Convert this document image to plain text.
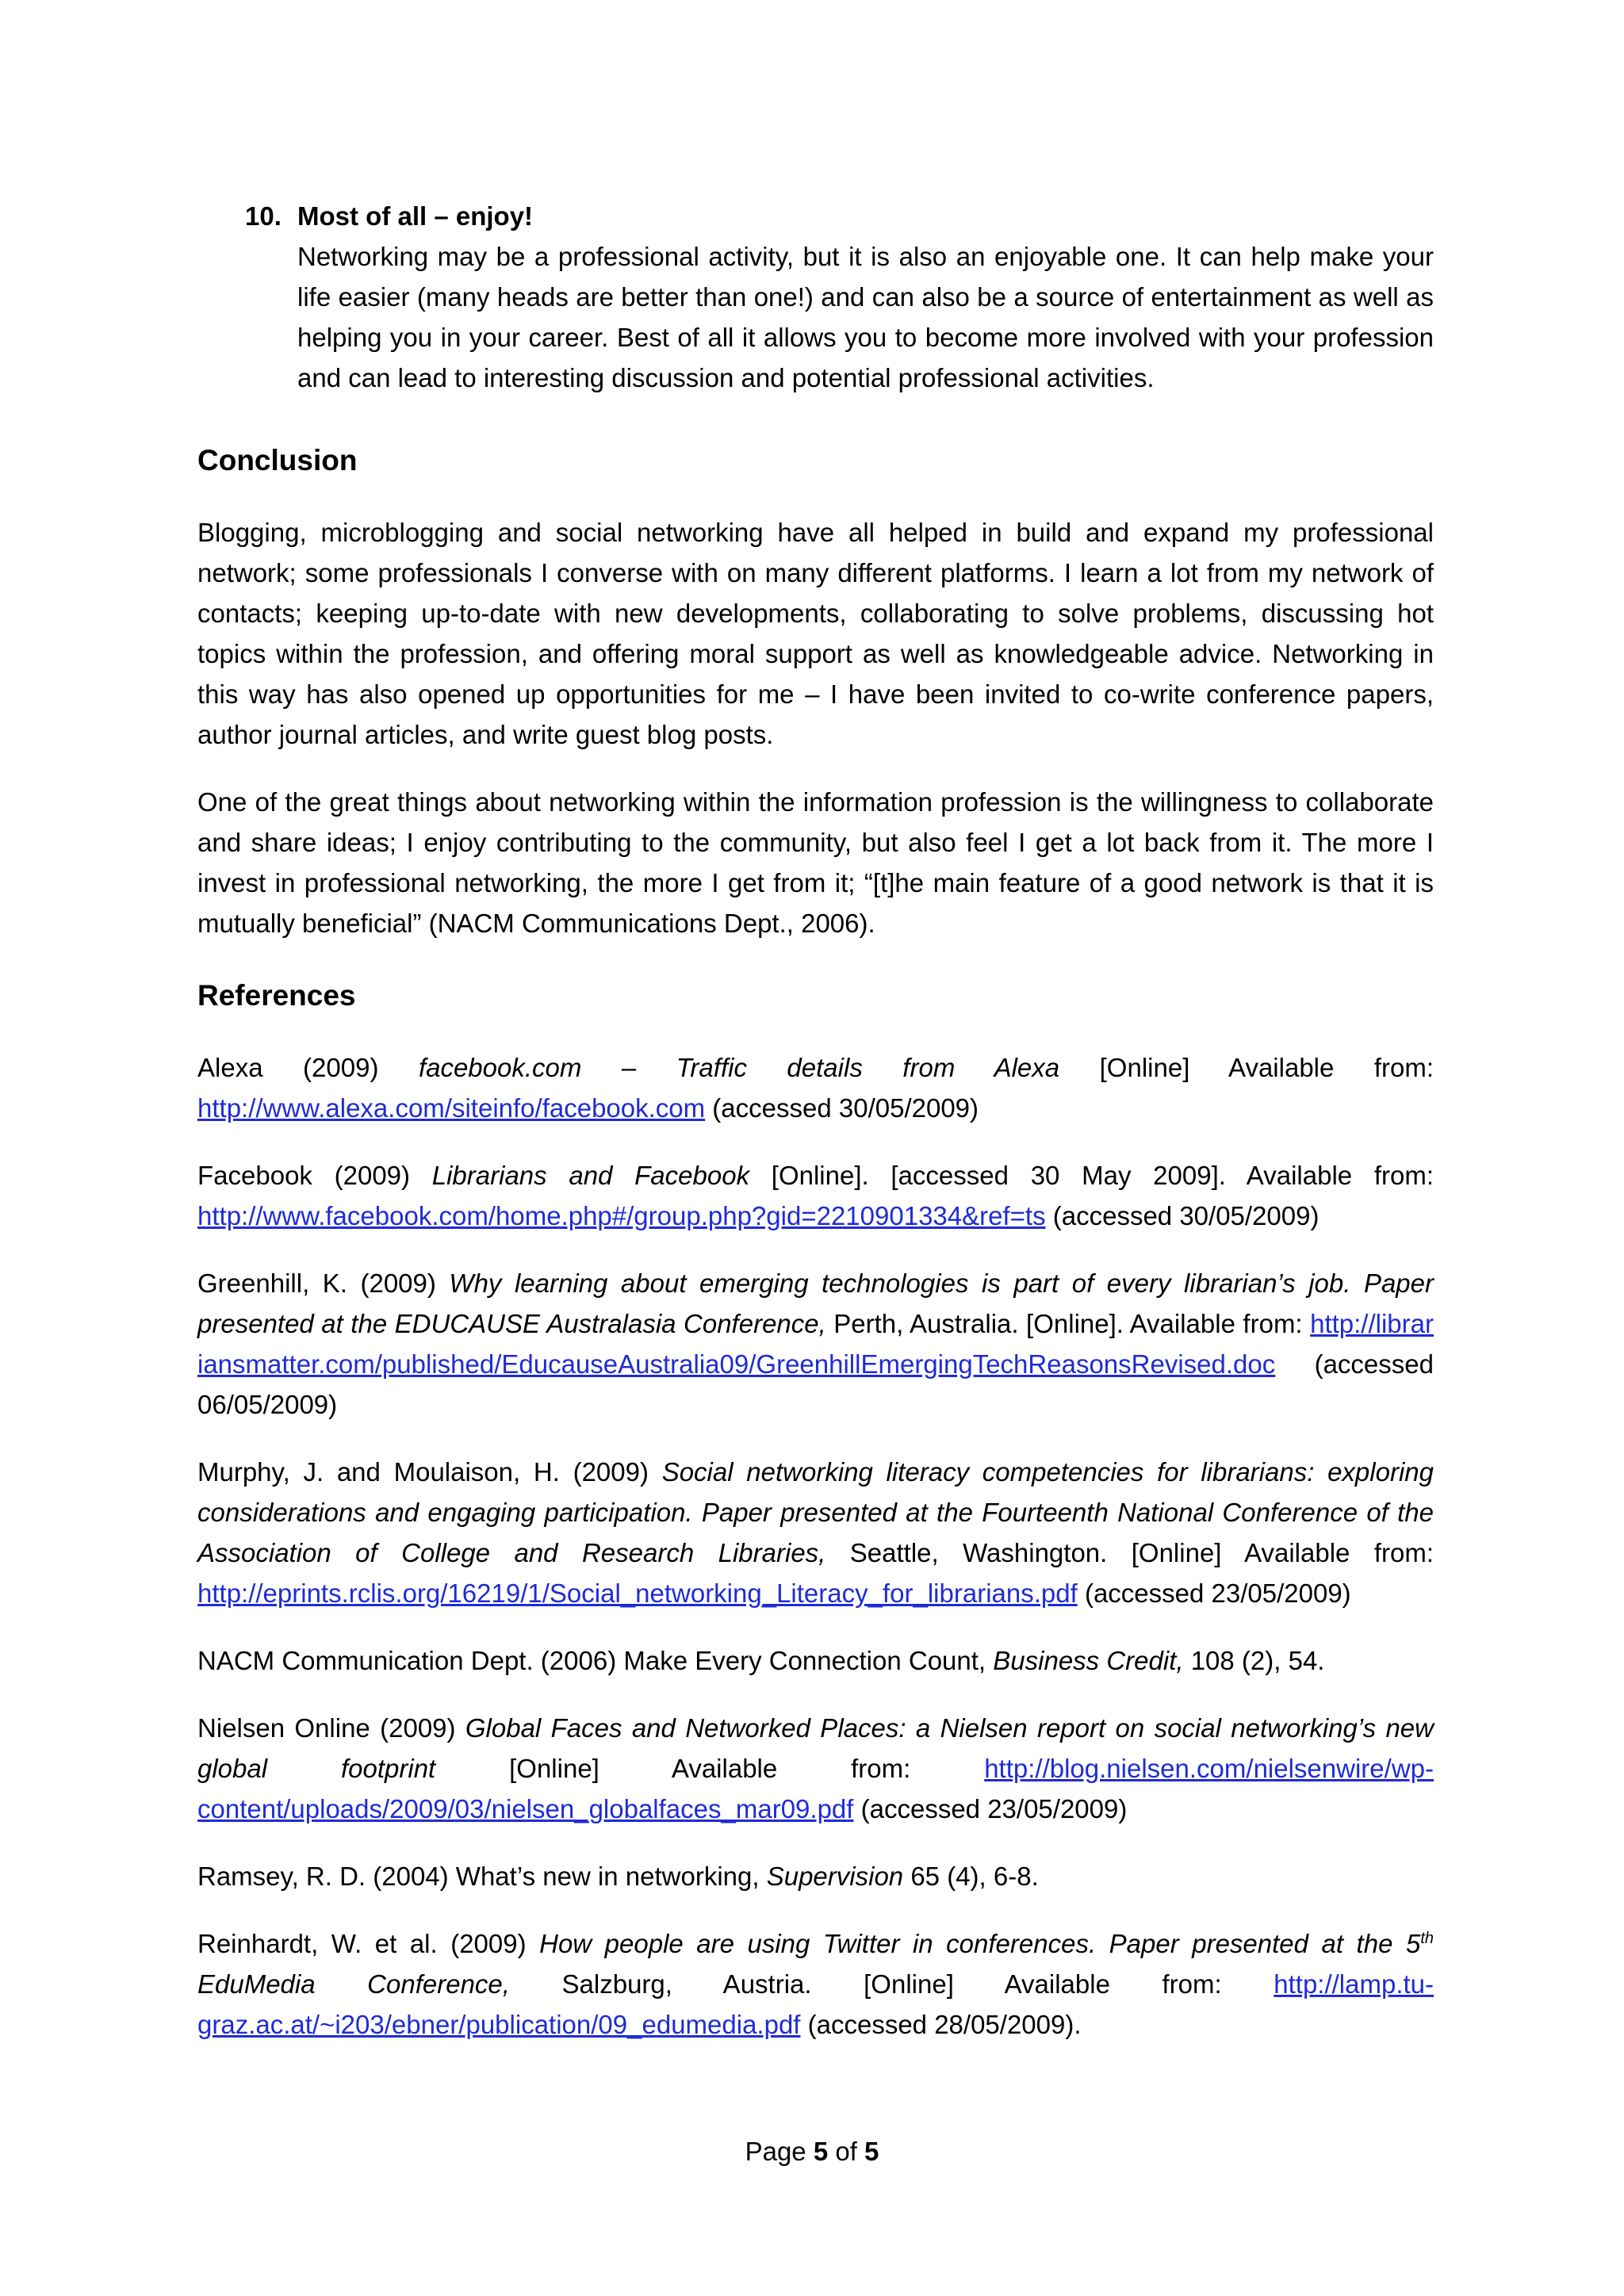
10. Most of all – enjoy!

Networking may be a professional activity, but it is also an enjoyable one. It can help make your life easier (many heads are better than one!) and can also be a source of entertainment as well as helping you in your career. Best of all it allows you to become more involved with your profession and can lead to interesting discussion and potential professional activities.

Conclusion

Blogging, microblogging and social networking have all helped in build and expand my professional network; some professionals I converse with on many different platforms. I learn a lot from my network of contacts; keeping up-to-date with new developments, collaborating to solve problems, discussing hot topics within the profession, and offering moral support as well as knowledgeable advice. Networking in this way has also opened up opportunities for me – I have been invited to co-write conference papers, author journal articles, and write guest blog posts.

One of the great things about networking within the information profession is the willingness to collaborate and share ideas; I enjoy contributing to the community, but also feel I get a lot back from it. The more I invest in professional networking, the more I get from it; “[t]he main feature of a good network is that it is mutually beneficial” (NACM Communications Dept., 2006).

References

Alexa (2009) facebook.com – Traffic details from Alexa [Online] Available from: http://www.alexa.com/siteinfo/facebook.com (accessed 30/05/2009)

Facebook (2009) Librarians and Facebook [Online]. [accessed 30 May 2009]. Available from: http://www.facebook.com/home.php#/group.php?gid=2210901334&ref=ts (accessed 30/05/2009)

Greenhill, K. (2009) Why learning about emerging technologies is part of every librarian’s job. Paper presented at the EDUCAUSE Australasia Conference, Perth, Australia. [Online]. Available from: http://librariansmatter.com/published/EducauseAustralia09/GreenhillEmergingTechReasonsRevised.doc (accessed 06/05/2009)

Murphy, J. and Moulaison, H. (2009) Social networking literacy competencies for librarians: exploring considerations and engaging participation. Paper presented at the Fourteenth National Conference of the Association of College and Research Libraries, Seattle, Washington. [Online] Available from: http://eprints.rclis.org/16219/1/Social_networking_Literacy_for_librarians.pdf (accessed 23/05/2009)

NACM Communication Dept. (2006) Make Every Connection Count, Business Credit, 108 (2), 54.

Nielsen Online (2009) Global Faces and Networked Places: a Nielsen report on social networking’s new global footprint [Online] Available from: http://blog.nielsen.com/nielsenwire/wp-content/uploads/2009/03/nielsen_globalfaces_mar09.pdf (accessed 23/05/2009)

Ramsey, R. D. (2004) What’s new in networking, Supervision 65 (4), 6-8.

Reinhardt, W. et al. (2009) How people are using Twitter in conferences. Paper presented at the 5th EduMedia Conference, Salzburg, Austria. [Online] Available from: http://lamp.tu-graz.ac.at/~i203/ebner/publication/09_edumedia.pdf (accessed 28/05/2009).

Page 5 of 5
